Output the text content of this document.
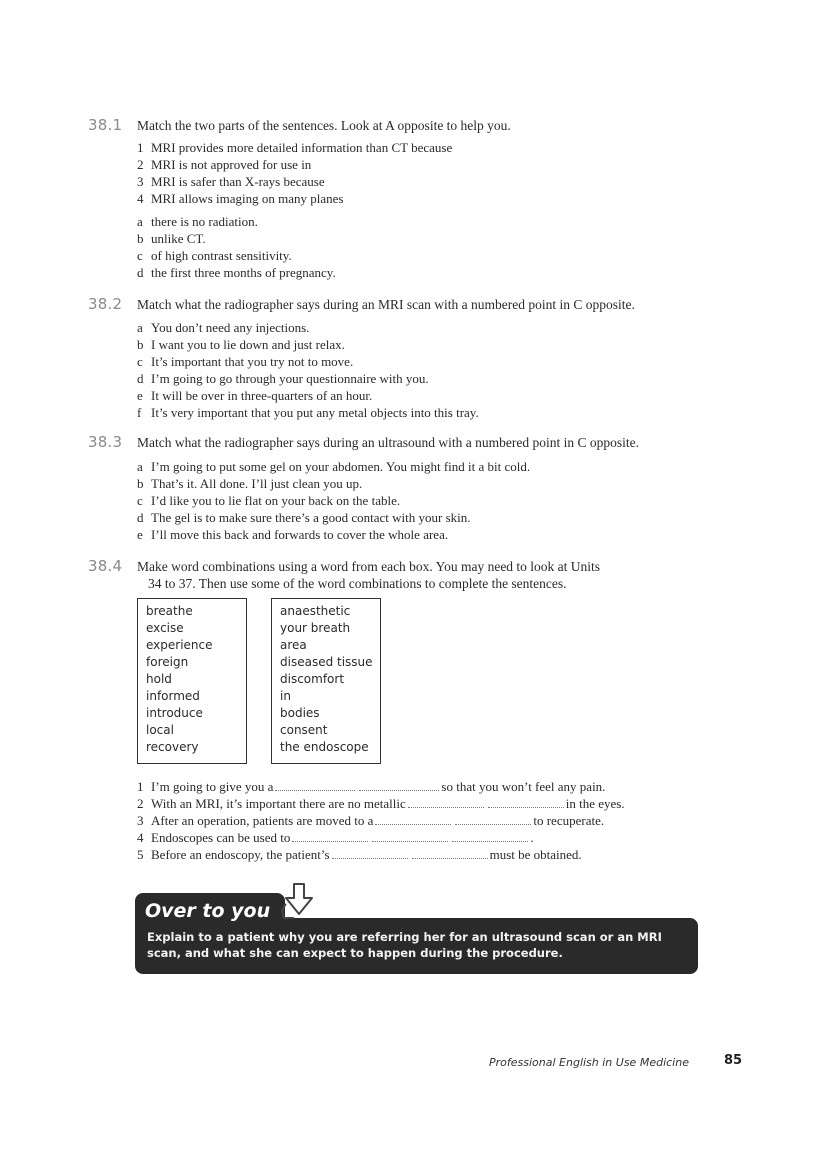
38.1 Match the two parts of the sentences. Look at A opposite to help you.
1 MRI provides more detailed information than CT because
2 MRI is not approved for use in
3 MRI is safer than X-rays because
4 MRI allows imaging on many planes
a there is no radiation.
b unlike CT.
c of high contrast sensitivity.
d the first three months of pregnancy.
38.2 Match what the radiographer says during an MRI scan with a numbered point in C opposite.
a You don’t need any injections.
b I want you to lie down and just relax.
c It’s important that you try not to move.
d I’m going to go through your questionnaire with you.
e It will be over in three-quarters of an hour.
f It’s very important that you put any metal objects into this tray.
38.3 Match what the radiographer says during an ultrasound with a numbered point in C opposite.
a I’m going to put some gel on your abdomen. You might find it a bit cold.
b That’s it. All done. I’ll just clean you up.
c I’d like you to lie flat on your back on the table.
d The gel is to make sure there’s a good contact with your skin.
e I’ll move this back and forwards to cover the whole area.
38.4 Make word combinations using a word from each box. You may need to look at Units
34 to 37. Then use some of the word combinations to complete the sentences.
breathe
excise
experience
foreign
hold
informed
introduce
local
recovery
anaesthetic
your breath
area
diseased tissue
discomfort
in
bodies
consent
the endoscope
1 I’m going to give you a	so that you won’t feel any pain.
2 With an MRI, it’s important there are no metallic	in the eyes.
3 After an operation, patients are moved to a	to recuperate.
4 Endoscopes can be used to	.
5 Before an endoscopy, the patient’s	must be obtained.
Over to you
Explain to a patient why you are referring her for an ultrasound scan or an MRI scan, and what she can expect to happen during the procedure.
Professional English in Use Medicine	85
